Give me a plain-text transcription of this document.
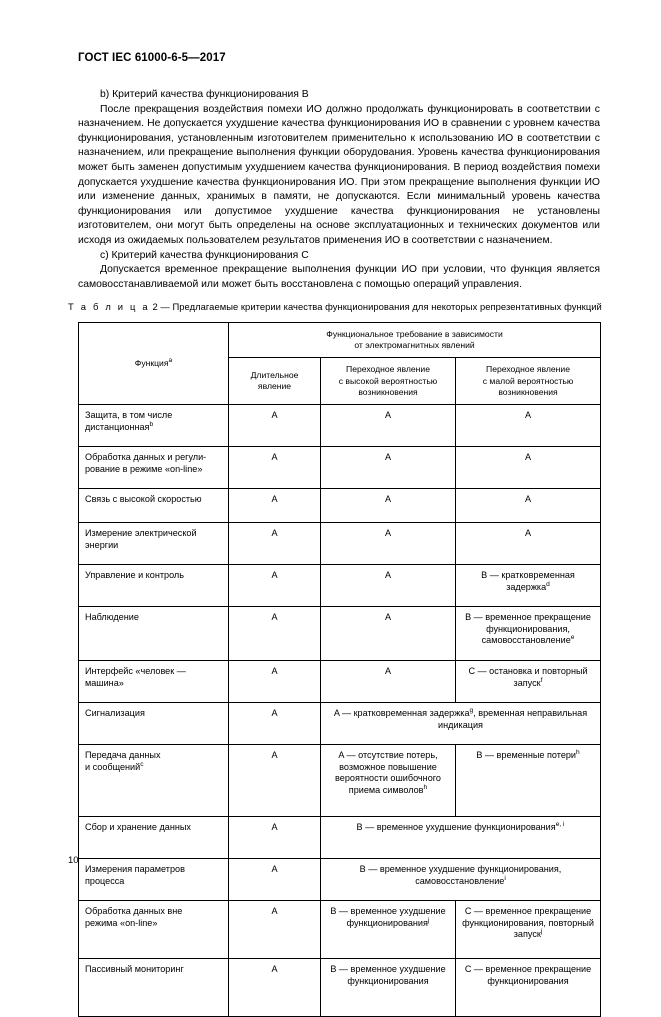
ГОСТ IEC 61000-6-5—2017

b) Критерий качества функционирования B

После прекращения воздействия помехи ИО должно продолжать функционировать в соответствии с назначением. Не допускается ухудшение качества функционирования ИО в сравнении с уровнем качества функционирования, установленным изготовителем применительно к использованию ИО в соответствии с назначением, или прекращение выполнения функции оборудования. Уровень качества функционирования может быть заменен допустимым ухудшением качества функционирования. В период воздействия помехи допускается ухудшение качества функционирования ИО. При этом прекращение выполнения функции ИО или изменение данных, хранимых в памяти, не допускаются. Если минимальный уровень качества функционирования или допустимое ухудшение качества функционирования не установлены изготовителем, они могут быть определены на основе эксплуатационных и технических документов или исходя из ожидаемых пользователем результатов применения ИО в соответствии с назначением.

c) Критерий качества функционирования C

Допускается временное прекращение выполнения функции ИО при условии, что функция является самовосстанавливаемой или может быть восстановлена с помощью операций управления.

Т а б л и ц а 2 — Предлагаемые критерии качества функционирования для некоторых репрезентативных функций
Функция$^a$	Функциональное требование в зависимости
от электромагнитных явлений		

Длительное
явление

Переходное явление
с высокой вероятностью
возникновения

Переходное явление
с малой вероятностью
возникновения

Защита, в том числе
дистанционная$^b$	A	A	A

Обработка данных и регули-
рование в режиме «on-line»	A	A	A

Связь с высокой скоростью	A	A	A

Измерение электрической
энергии	A	A	A

Управление и контроль	A	A	B — кратковременная задержка$^d$

Наблюдение	A	A	B — временное прекращение функционирования, самовосстановление$^e$

Интерфейс «человек —
машина»	A	A	C — остановка и повторный запуск$^f$

Сигнализация	A	A — кратковременная задержка$^g$, временная неправильная индикация	

Передача данных
и сообщений$^c$	A	A — отсутствие потерь, возможное повышение вероятности ошибочного приема символов$^h$	B — временные потери$^h$

Сбор и хранение данных	A	B — временное ухудшение функционирования$^{e, i}$

Измерения параметров
процесса	A	B — временное ухудшение функционирования, самовосстановление$^i$

Обработка данных вне
режима «on-line»	A	B — временное ухудшение функционирования$^j$	C — временное прекращение функционирования, повторный запуск$^j$

Пассивный мониторинг	A	B — временное ухудшение функционирования	C — временное прекращение функционирования
10
